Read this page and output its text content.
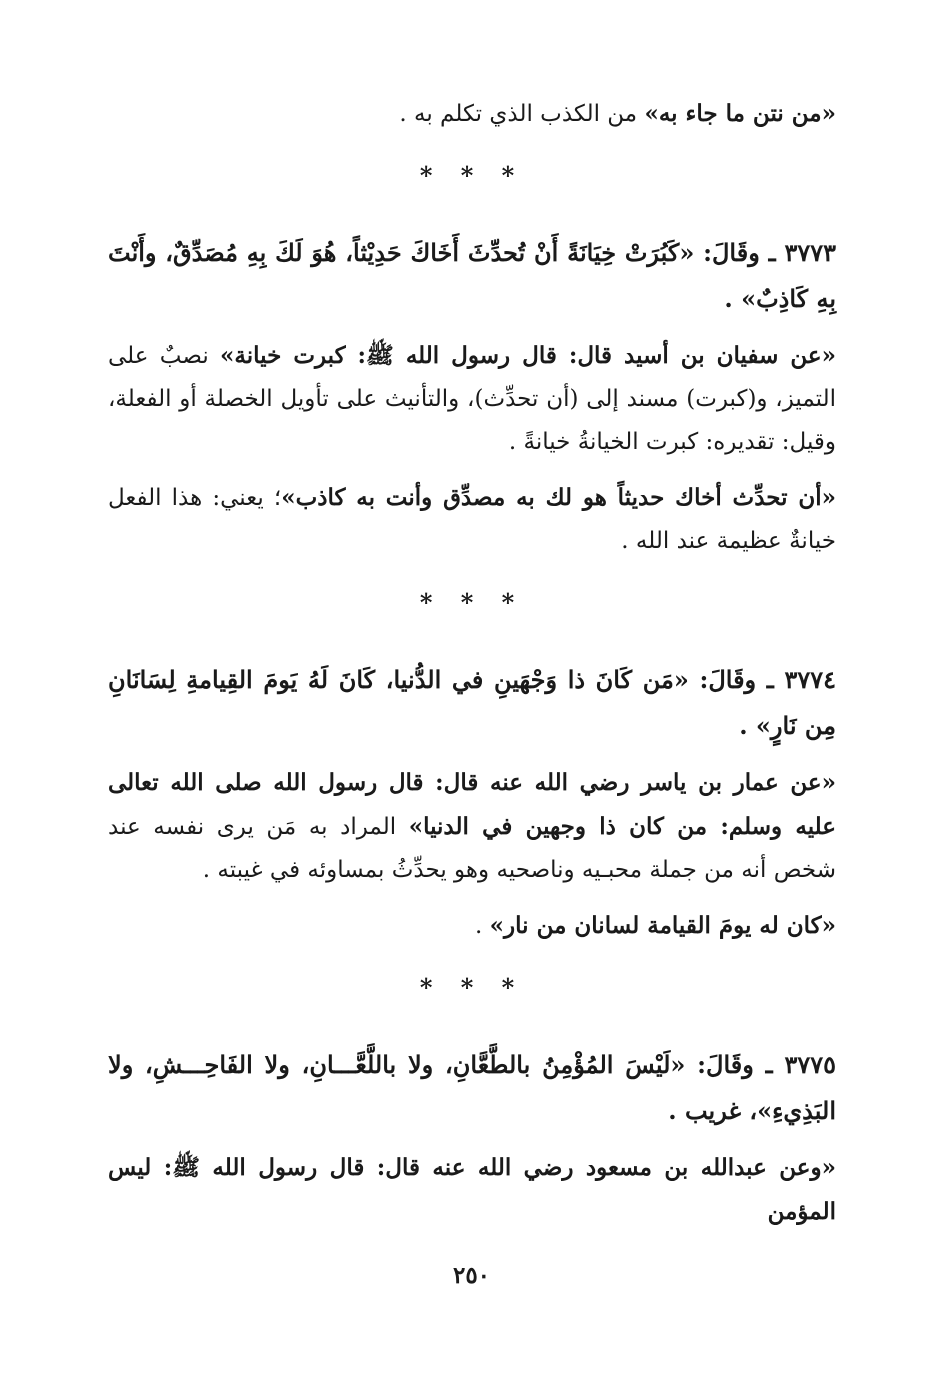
«من نتن ما جاء به» من الكذب الذي تكلم به .

* * *

٣٧٧٣ ـ وقَالَ: «كَبُرَتْ خِيَانَةً أَنْ تُحدِّثَ أَخَاكَ حَدِيْثاً، هُوَ لَكَ بِهِ مُصَدِّقٌ، وأَنْتَ بِهِ كَاذِبٌ» .

«عن سفيان بن أسيد قال: قال رسول الله ﷺ: كبرت خيانة» نصبٌ على التميز، و(كبرت) مسند إلى (أن تحدِّث)، والتأنيث على تأويل الخصلة أو الفعلة، وقيل: تقديره: كبرت الخيانةُ خيانةً .

«أن تحدِّث أخاك حديثاً هو لك به مصدِّق وأنت به كاذب»؛ يعني: هذا الفعل خيانةٌ عظيمة عند الله .

* * *

٣٧٧٤ ـ وقَالَ: «مَن كَانَ ذا وَجْهَينِ في الدُّنيا، كَانَ لَهُ يَومَ القِيامةِ لِسَانَانِ مِن نَارٍ» .

«عن عمار بن ياسر رضي الله عنه قال: قال رسول الله صلى الله تعالى عليه وسلم: من كان ذا وجهين في الدنيا» المراد به مَن يرى نفسه عند شخص أنه من جملة محبـيه وناصحيه وهو يحدِّثُ بمساوئه في غيبته .

«كان له يومَ القيامة لسانان من نار» .

* * *

٣٧٧٥ ـ وقَالَ: «لَيْسَ المُؤْمِنُ بالطَّعَّانِ، ولا باللَّعَّـــانِ، ولا الفَاحِـــشِ، ولا البَذِيءِ»، غريب .

«وعن عبدالله بن مسعود رضي الله عنه قال: قال رسول الله ﷺ: ليس المؤمن

٢٥٠
